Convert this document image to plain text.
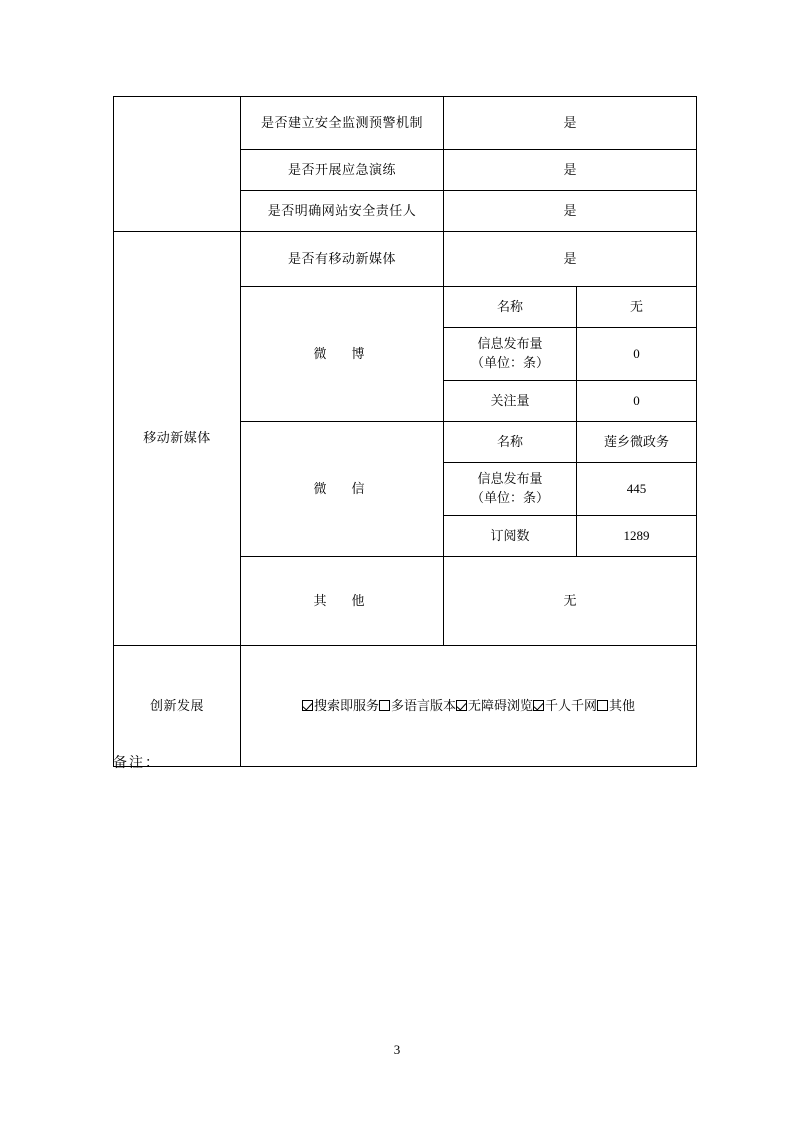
	是否建立安全监测预警机制	是	
	是否开展应急演练	是	
	是否明确网站安全责任人	是	
移动新媒体	是否有移动新媒体	是	
	微　博	名称	无

		信息发布量
（单位：条）	0
		关注量	0
	微　信	名称	莲乡微政务

		信息发布量
（单位：条）	445
		订阅数	1289
	其　他	无	
创新发展	搜索即服务 多语言版本 无障碍浏览 千人千网 其他		
备注：
3
